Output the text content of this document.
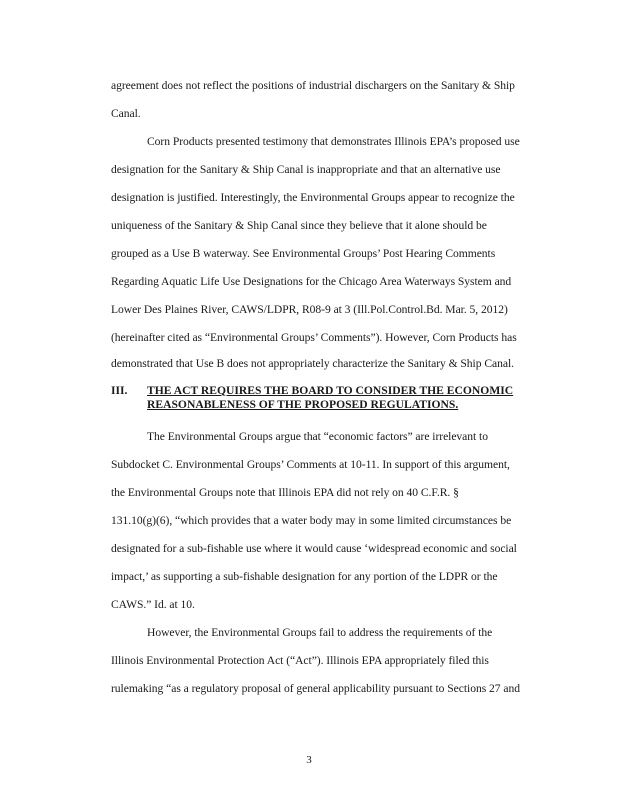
agreement does not reflect the positions of industrial dischargers on the Sanitary & Ship
Canal.
Corn Products presented testimony that demonstrates Illinois EPA’s proposed use
designation for the Sanitary & Ship Canal is inappropriate and that an alternative use
designation is justified. Interestingly, the Environmental Groups appear to recognize the
uniqueness of the Sanitary & Ship Canal since they believe that it alone should be
grouped as a Use B waterway. See Environmental Groups’ Post Hearing Comments
Regarding Aquatic Life Use Designations for the Chicago Area Waterways System and
Lower Des Plaines River, CAWS/LDPR, R08-9 at 3 (Ill.Pol.Control.Bd. Mar. 5, 2012)
(hereinafter cited as “Environmental Groups’ Comments”). However, Corn Products has
demonstrated that Use B does not appropriately characterize the Sanitary & Ship Canal.
III. THE ACT REQUIRES THE BOARD TO CONSIDER THE ECONOMIC
REASONABLENESS OF THE PROPOSED REGULATIONS.
The Environmental Groups argue that “economic factors” are irrelevant to
Subdocket C. Environmental Groups’ Comments at 10-11. In support of this argument,
the Environmental Groups note that Illinois EPA did not rely on 40 C.F.R. §
131.10(g)(6), “which provides that a water body may in some limited circumstances be
designated for a sub-fishable use where it would cause ‘widespread economic and social
impact,’ as supporting a sub-fishable designation for any portion of the LDPR or the
CAWS.” Id. at 10.
However, the Environmental Groups fail to address the requirements of the
Illinois Environmental Protection Act (“Act”). Illinois EPA appropriately filed this
rulemaking “as a regulatory proposal of general applicability pursuant to Sections 27 and
3
